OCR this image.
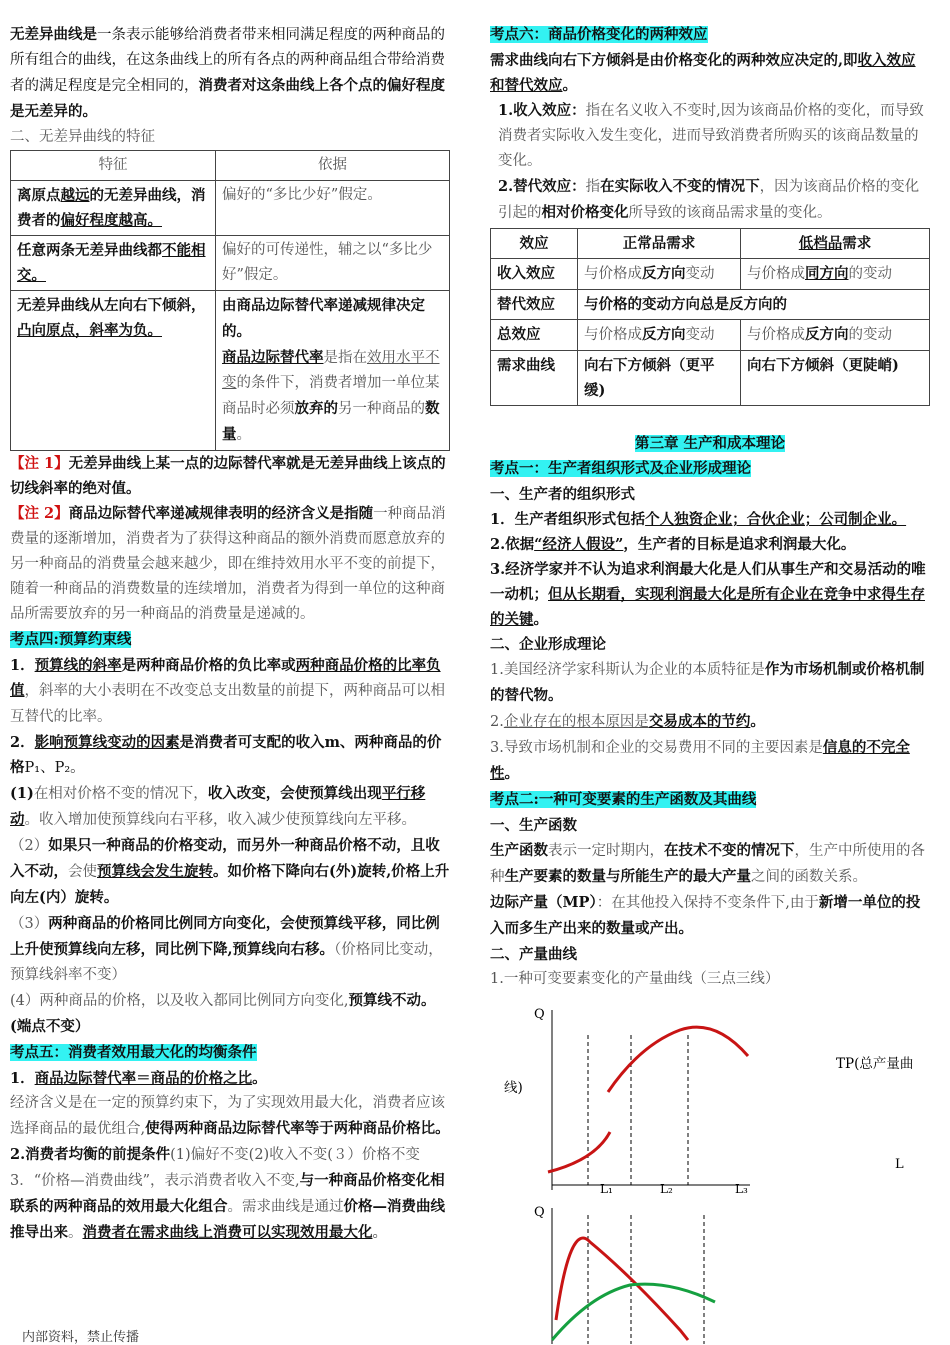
无差异曲线是一条表示能够给消费者带来相同满足程度的两种商品的所有组合的曲线，在这条曲线上的所有各点的两种商品组合带给消费者的满足程度是完全相同的，消费者对这条曲线上各个点的偏好程度是无差异的。

二、无差异曲线的特征

特征	依据
离原点越远的无差异曲线，消费者的偏好程度越高。	偏好的“多比少好”假定。
任意两条无差异曲线都不能相交。	偏好的可传递性，辅之以“多比少好”假定。
无差异曲线从左向右下倾斜，凸向原点，斜率为负。	由商品边际替代率递减规律决定的。
商品边际替代率是指在效用水平不变的条件下，消费者增加一单位某商品时必须放弃的另一种商品的数量。

【注 1】无差异曲线上某一点的边际替代率就是无差异曲线上该点的切线斜率的绝对值。

【注 2】商品边际替代率递减规律表明的经济含义是指随一种商品消费量的逐渐增加，消费者为了获得这种商品的额外消费而愿意放弃的另一种商品的消费量会越来越少，即在维持效用水平不变的前提下，随着一种商品的消费数量的连续增加，消费者为得到一单位的这种商品所需要放弃的另一种商品的消费量是递减的。

考点四:预算约束线

1．预算线的斜率是两种商品价格的负比率或两种商品价格的比率负值，斜率的大小表明在不改变总支出数量的前提下，两种商品可以相互替代的比率。

2．影响预算线变动的因素是消费者可支配的收入m、两种商品的价格P₁、P₂。

(1)在相对价格不变的情况下，收入改变，会使预算线出现平行移动。收入增加使预算线向右平移，收入减少使预算线向左平移。

（2）如果只一种商品的价格变动，而另外一种商品价格不动，且收入不动，会使预算线会发生旋转。如价格下降向右(外)旋转,价格上升向左(内）旋转。

（3）两种商品的价格同比例同方向变化，会使预算线平移，同比例上升使预算线向左移，同比例下降,预算线向右移。（价格同比变动，预算线斜率不变）

(4）两种商品的价格，以及收入都同比例同方向变化,预算线不动。(端点不变）

考点五：消费者效用最大化的均衡条件

1．商品边际替代率＝商品的价格之比。

经济含义是在一定的预算约束下，为了实现效用最大化，消费者应该选择商品的最优组合,使得两种商品边际替代率等于两种商品价格比。

2.消费者均衡的前提条件(1)偏好不变(2)收入不变(３）价格不变

3．“价格—消费曲线”，表示消费者收入不变,与一种商品价格变化相联系的两种商品的效用最大化组合。需求曲线是通过价格—消费曲线推导出来。消费者在需求曲线上消费可以实现效用最大化。

考点六：商品价格变化的两种效应

需求曲线向右下方倾斜是由价格变化的两种效应决定的,即收入效应和替代效应。

1.收入效应：指在名义收入不变时,因为该商品价格的变化，而导致消费者实际收入发生变化，进而导致消费者所购买的该商品数量的变化。

2.替代效应：指在实际收入不变的情况下，因为该商品价格的变化引起的相对价格变化所导致的该商品需求量的变化。

效应	正常品需求	低档品需求
收入效应	与价格成反方向变动	与价格成同方向的变动
替代效应	与价格的变动方向总是反方向的	
总效应	与价格成反方向变动	与价格成反方向的变动
需求曲线	向右下方倾斜（更平缓)	向右下方倾斜（更陡峭)

第三章 生产和成本理论

考点一：生产者组织形式及企业形成理论

一、生产者的组织形式

1．生产者组织形式包括个人独资企业；合伙企业；公司制企业。

2.依据“经济人假设”，生产者的目标是追求利润最大化。

3.经济学家并不认为追求利润最大化是人们从事生产和交易活动的唯一动机；但从长期看，实现利润最大化是所有企业在竞争中求得生存的关键。

二、企业形成理论

1.美国经济学家科斯认为企业的本质特征是作为市场机制或价格机制的替代物。

2.企业存在的根本原因是交易成本的节约。

3.导致市场机制和企业的交易费用不同的主要因素是信息的不完全性。

考点二:一种可变要素的生产函数及其曲线

一、生产函数

生产函数表示一定时期内，在技术不变的情况下，生产中所使用的各种生产要素的数量与所能生产的最大产量之间的函数关系。

边际产量（MP）：在其他投入保持不变条件下,由于新增一单位的投入而多生产出来的数量或产出。

二、产量曲线

1.一种可变要素变化的产量曲线（三点三线）

Q
TP(总产量曲
线)
L
L₁	L₂	L₃
Q
内部资料，禁止传播
